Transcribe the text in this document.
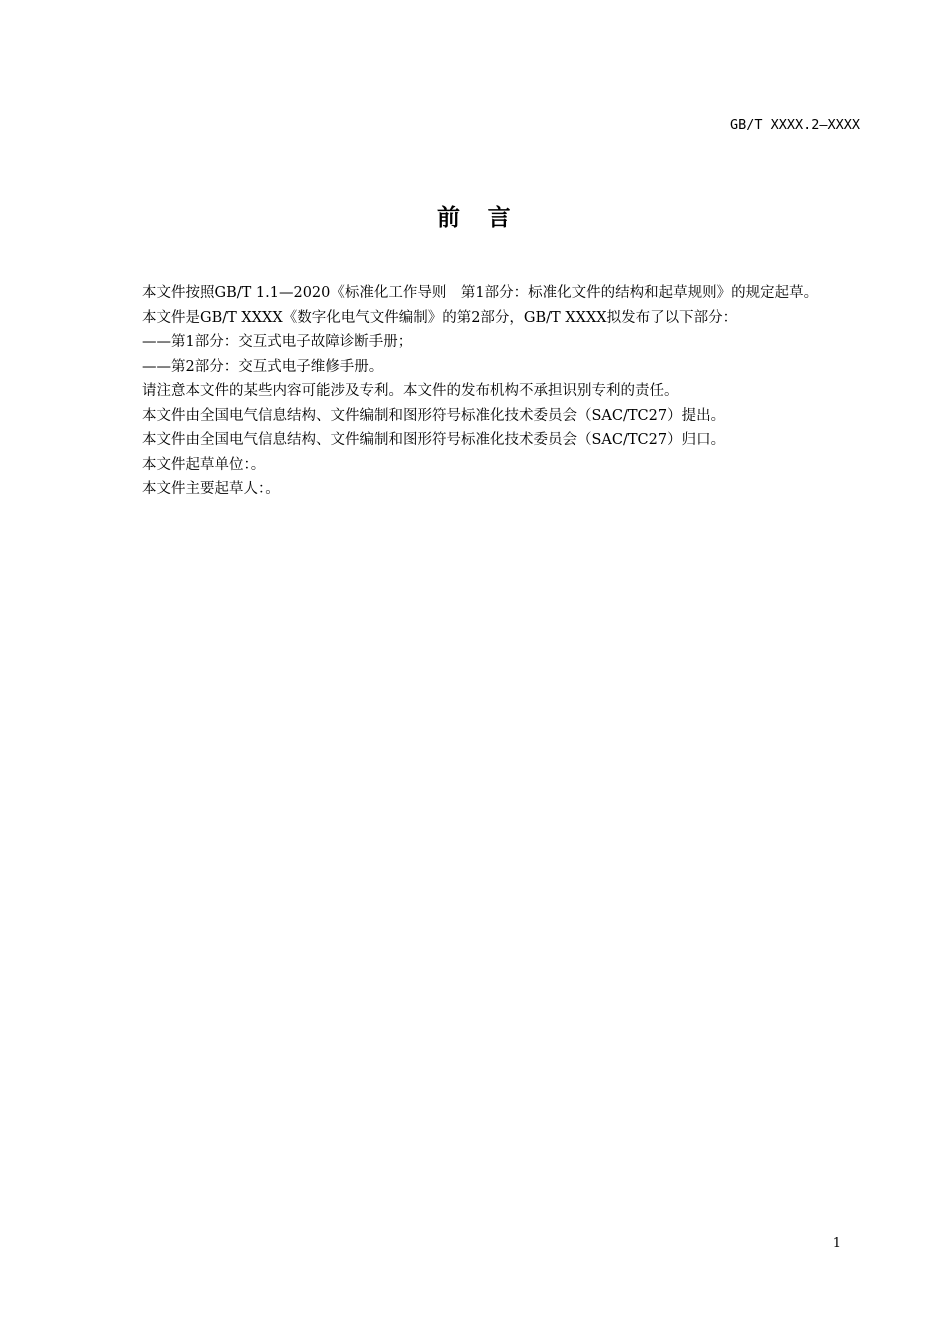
GB/T XXXX.2—XXXX
前　言

本文件按照GB/T 1.1—2020《标准化工作导则　第1部分：标准化文件的结构和起草规则》的规定起草。

本文件是GB/T XXXX《数字化电气文件编制》的第2部分，GB/T XXXX拟发布了以下部分：

——第1部分：交互式电子故障诊断手册；

——第2部分：交互式电子维修手册。

请注意本文件的某些内容可能涉及专利。本文件的发布机构不承担识别专利的责任。

本文件由全国电气信息结构、文件编制和图形符号标准化技术委员会（SAC/TC27）提出。

本文件由全国电气信息结构、文件编制和图形符号标准化技术委员会（SAC/TC27）归口。

本文件起草单位：。

本文件主要起草人：。

1
